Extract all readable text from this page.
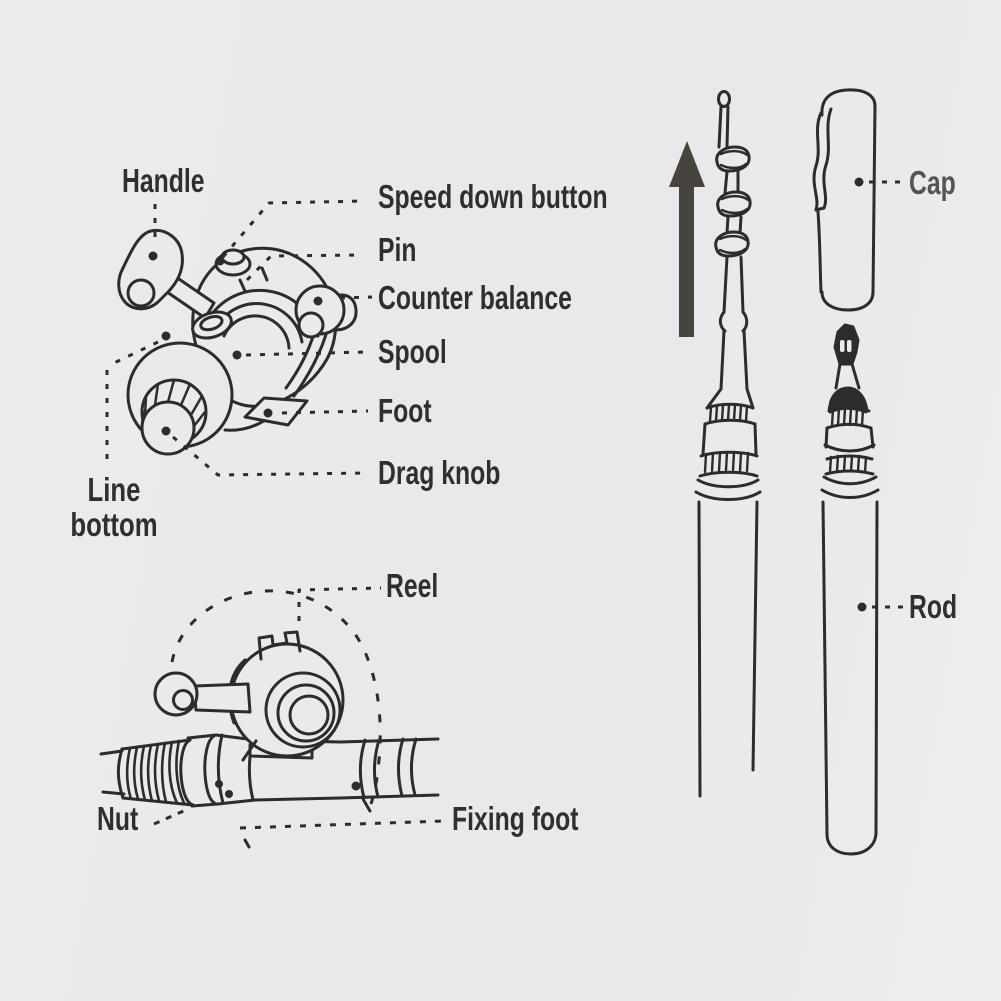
Handle	Speed down button
Pin
Counter balance
Spool
Foot
Drag knob
Line
bottom
Reel
Nut	Fixing foot
Cap
Rod
